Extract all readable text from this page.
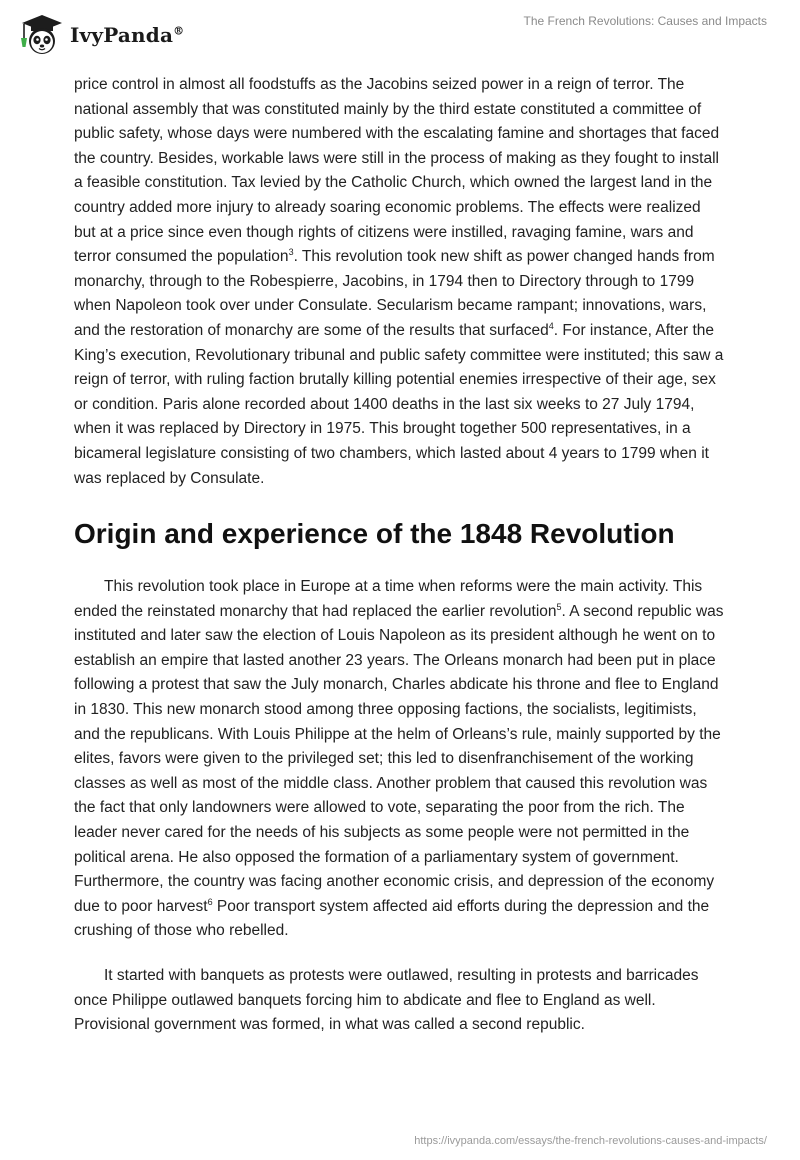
IvyPanda®
The French Revolutions: Causes and Impacts

price control in almost all foodstuffs as the Jacobins seized power in a reign of terror. The national assembly that was constituted mainly by the third estate constituted a committee of public safety, whose days were numbered with the escalating famine and shortages that faced the country. Besides, workable laws were still in the process of making as they fought to install a feasible constitution. Tax levied by the Catholic Church, which owned the largest land in the country added more injury to already soaring economic problems. The effects were realized but at a price since even though rights of citizens were instilled, ravaging famine, wars and terror consumed the population$^3$. This revolution took new shift as power changed hands from monarchy, through to the Robespierre, Jacobins, in 1794 then to Directory through to 1799 when Napoleon took over under Consulate. Secularism became rampant; innovations, wars, and the restoration of monarchy are some of the results that surfaced$^4$. For instance, After the King’s execution, Revolutionary tribunal and public safety committee were instituted; this saw a reign of terror, with ruling faction brutally killing potential enemies irrespective of their age, sex or condition. Paris alone recorded about 1400 deaths in the last six weeks to 27 July 1794, when it was replaced by Directory in 1975. This brought together 500 representatives, in a bicameral legislature consisting of two chambers, which lasted about 4 years to 1799 when it was replaced by Consulate.

Origin and experience of the 1848 Revolution

This revolution took place in Europe at a time when reforms were the main activity. This ended the reinstated monarchy that had replaced the earlier revolution$^5$. A second republic was instituted and later saw the election of Louis Napoleon as its president although he went on to establish an empire that lasted another 23 years. The Orleans monarch had been put in place following a protest that saw the July monarch, Charles abdicate his throne and flee to England in 1830. This new monarch stood among three opposing factions, the socialists, legitimists, and the republicans. With Louis Philippe at the helm of Orleans’s rule, mainly supported by the elites, favors were given to the privileged set; this led to disenfranchisement of the working classes as well as most of the middle class. Another problem that caused this revolution was the fact that only landowners were allowed to vote, separating the poor from the rich. The leader never cared for the needs of his subjects as some people were not permitted in the political arena. He also opposed the formation of a parliamentary system of government. Furthermore, the country was facing another economic crisis, and depression of the economy due to poor harvest$^6$ Poor transport system affected aid efforts during the depression and the crushing of those who rebelled.

It started with banquets as protests were outlawed, resulting in protests and barricades once Philippe outlawed banquets forcing him to abdicate and flee to England as well. Provisional government was formed, in what was called a second republic.

https://ivypanda.com/essays/the-french-revolutions-causes-and-impacts/
